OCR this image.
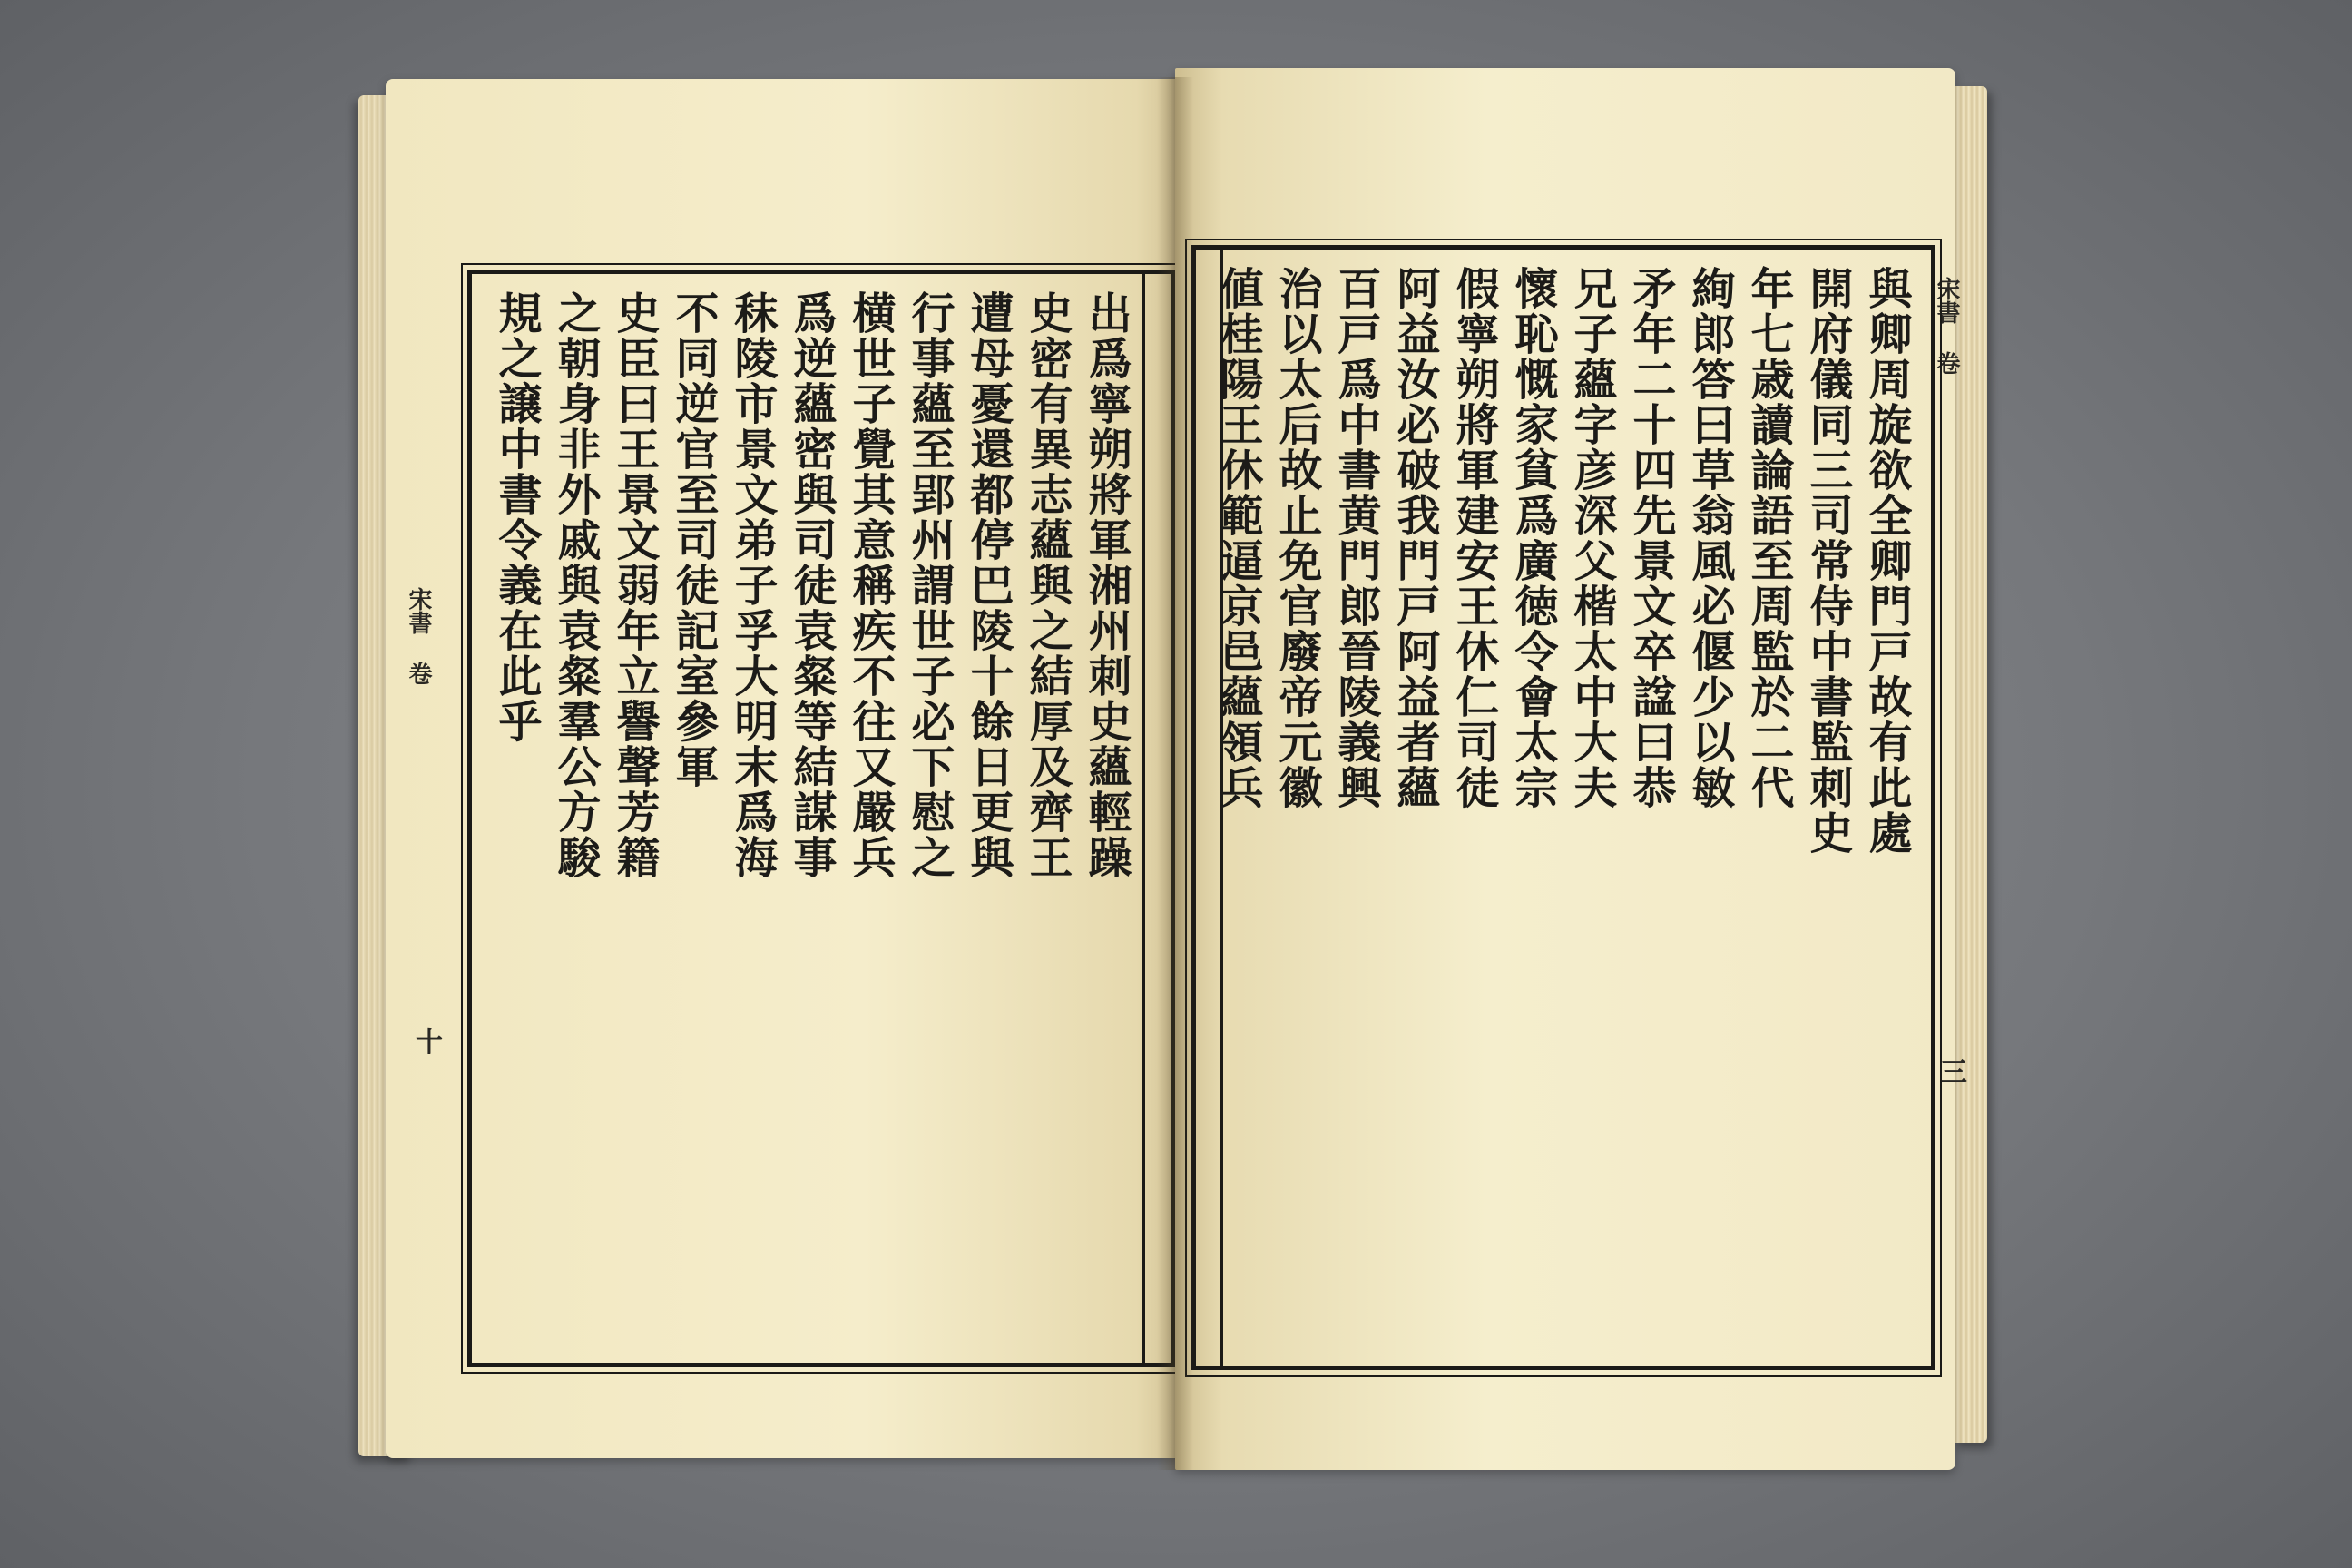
宋書 卷
十
出爲寧朔將軍湘州刺史蘊輕躁
史密有異志蘊與之結厚及齊王
遭母憂還都停巴陵十餘日更與
行事蘊至郢州謂世子必下慰之
横世子覺其意稱疾不往又嚴兵
爲逆蘊密與司徒袁粲等結謀事
秣陵市景文弟子孚大明末爲海
不同逆官至司徒記室參軍
史臣曰王景文弱年立譽聲芳籍
之朝身非外戚與袁粲羣公方駿
規之譲中書令義在此乎	宋書 卷
三
與卿周旋欲全卿門戸故有此處
開府儀同三司常侍中書監刺史
年七歳讀論語至周監於二代
絢郎答曰草翁風必偃少以敏
矛年二十四先景文卒諡曰恭
兄子蘊字彦深父楷太中大夫
懷恥慨家貧爲廣徳令會太宗
假寧朔將軍建安王休仁司徒
阿益汝必破我門戸阿益者蘊
百戸爲中書黄門郎晉陵義興
治以太后故止免官廢帝元徽
値桂陽王休範逼京邑蘊領兵
